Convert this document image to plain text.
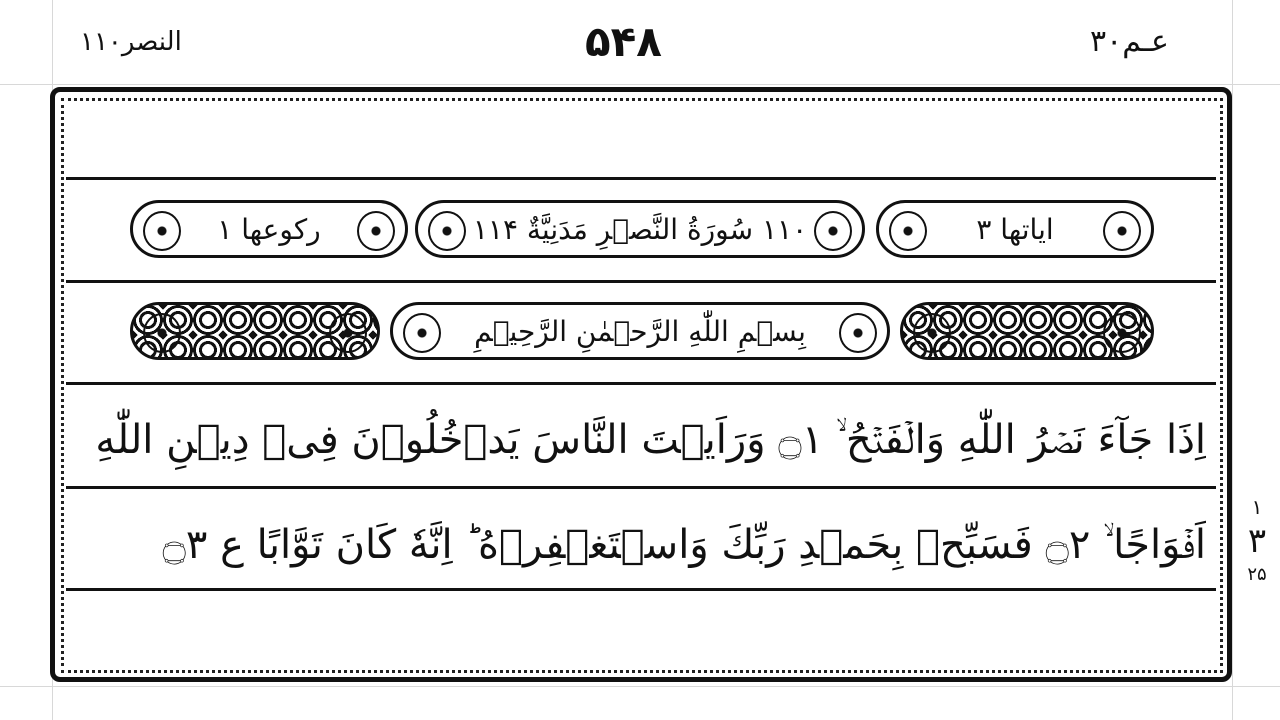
النصر۱۱۰	۵۴۸	عـم۳۰
رکوعھا ۱	۱۱۰ سُورَةُ النَّصۡرِ مَدَنِيَّةٌ ۱۱۴	ایاتھا ۳
بِسۡمِ اللّٰهِ الرَّحۡمٰنِ الرَّحِيۡمِ
اِذَا جَآءَ نَصۡرُ اللّٰهِ وَالۡفَتۡحُ ۙ ۝۱ وَرَاَيۡتَ النَّاسَ يَدۡخُلُوۡنَ فِىۡ دِيۡنِ اللّٰهِ
اَفۡوَاجًا ۙ ۝۲ فَسَبِّحۡ بِحَمۡدِ رَبِّكَ وَاسۡتَغۡفِرۡهُ ؕ اِنَّهٗ كَانَ تَوَّابًا ع ۝۳
۱
۳
۲۵
